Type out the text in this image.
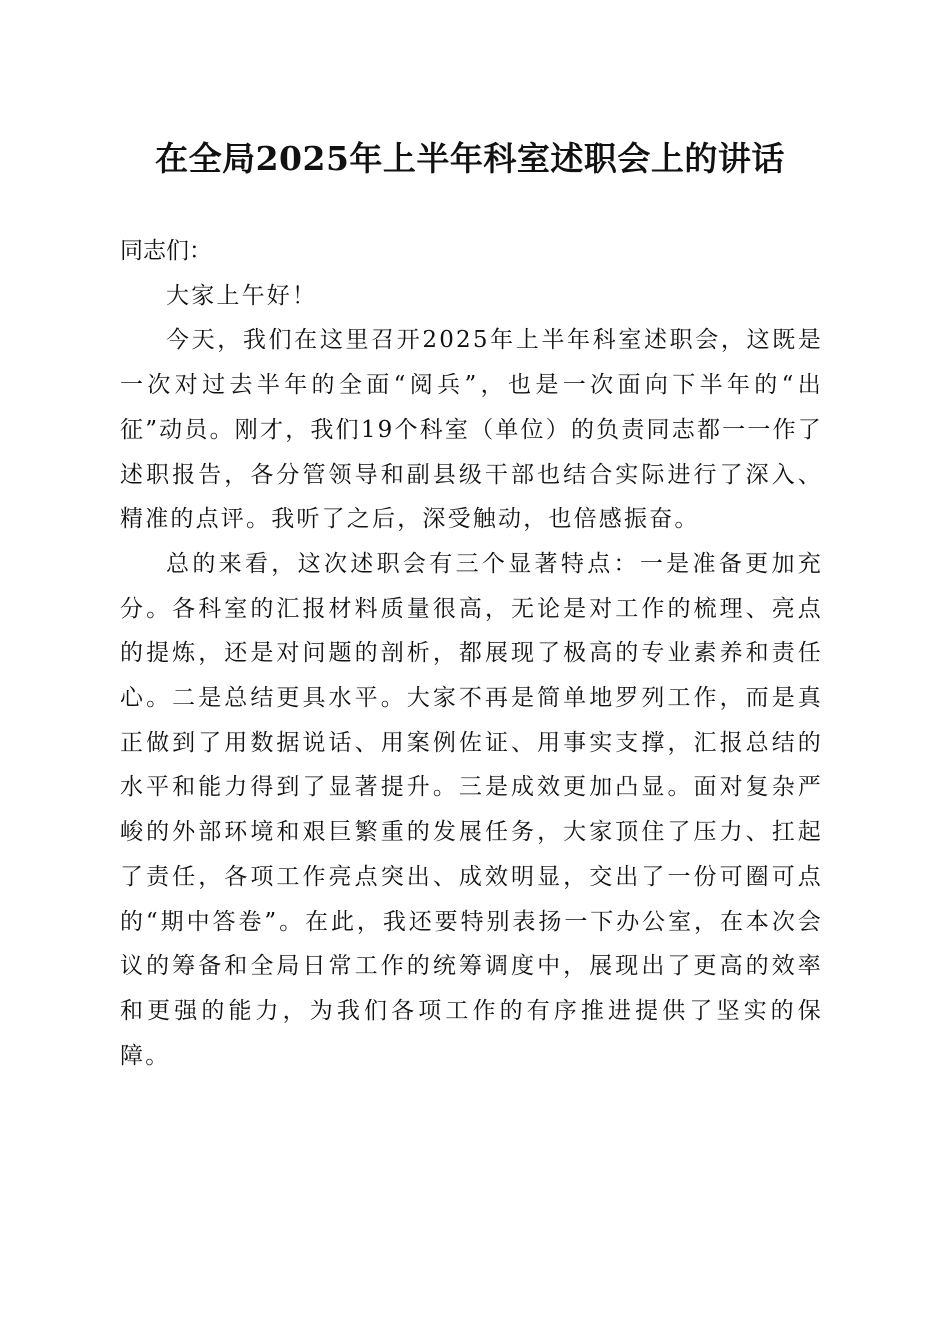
在全局2025年上半年科室述职会上的讲话

同志们：

大家上午好！

今天，我们在这里召开2025年上半年科室述职会，这既是一次对过去半年的全面“阅兵”，也是一次面向下半年的“出征”动员。刚才，我们19个科室（单位）的负责同志都一一作了述职报告，各分管领导和副县级干部也结合实际进行了深入、精准的点评。我听了之后，深受触动，也倍感振奋。

总的来看，这次述职会有三个显著特点：一是准备更加充分。各科室的汇报材料质量很高，无论是对工作的梳理、亮点的提炼，还是对问题的剖析，都展现了极高的专业素养和责任心。二是总结更具水平。大家不再是简单地罗列工作，而是真正做到了用数据说话、用案例佐证、用事实支撑，汇报总结的水平和能力得到了显著提升。三是成效更加凸显。面对复杂严峻的外部环境和艰巨繁重的发展任务，大家顶住了压力、扛起了责任，各项工作亮点突出、成效明显，交出了一份可圈可点的“期中答卷”。在此，我还要特别表扬一下办公室，在本次会议的筹备和全局日常工作的统筹调度中，展现出了更高的效率和更强的能力，为我们各项工作的有序推进提供了坚实的保障。
